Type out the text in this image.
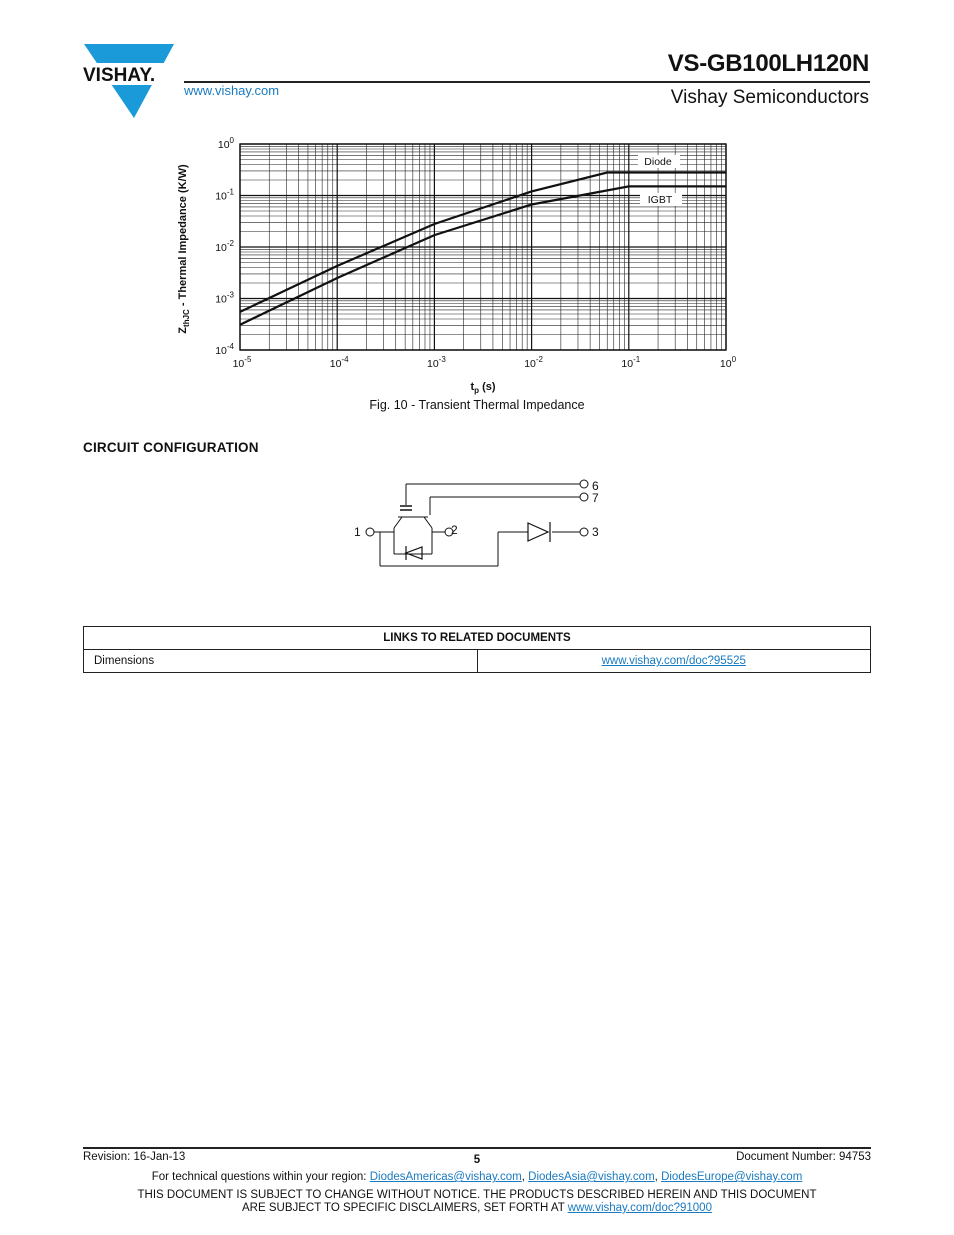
VISHAY.
www.vishay.com
VS-GB100LH120N
Vishay Semiconductors
Diode
IGBT
$10^{-5}$	$10^{-4}$	$10^{-3}$	$10^{-2}$	$10^{-1}$	$10^0$
$10^0$
$10^{-1}$
$10^{-2}$
$10^{-3}$
$10^{-4}$
$t_p$ (s)
$Z_{thJC}$ - Thermal Impedance (K/W)
Fig. 10 - Transient Thermal Impedance
CIRCUIT CONFIGURATION
1	2	3
6
7
LINKS TO RELATED DOCUMENTS
Dimensions	www.vishay.com/doc?95525
Revision: 16-Jan-13	5	Document Number: 94753
For technical questions within your region: DiodesAmericas@vishay.com, DiodesAsia@vishay.com, DiodesEurope@vishay.com
THIS DOCUMENT IS SUBJECT TO CHANGE WITHOUT NOTICE. THE PRODUCTS DESCRIBED HEREIN AND THIS DOCUMENT
ARE SUBJECT TO SPECIFIC DISCLAIMERS, SET FORTH AT www.vishay.com/doc?91000
